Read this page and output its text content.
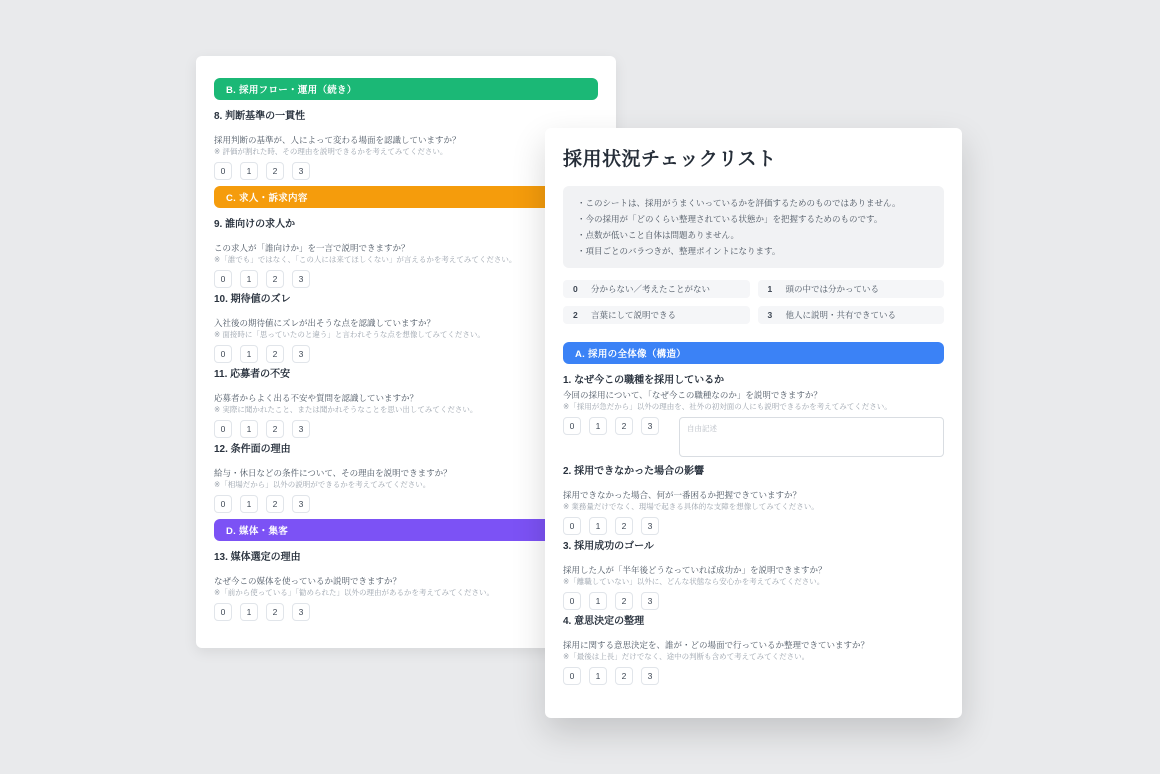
B. 採用フロー・運用（続き）
8. 判断基準の一貫性
採用判断の基準が、人によって変わる場面を認識していますか？
※ 評価が割れた時、その理由を説明できるかを考えてみてください。
0	1	2	3
C. 求人・訴求内容
9. 誰向けの求人か
この求人が「誰向けか」を一言で説明できますか？
※「誰でも」ではなく、「この人には来てほしくない」が言えるかを考えてみてください。
0	1	2	3
10. 期待値のズレ
入社後の期待値にズレが出そうな点を認識していますか？
※ 面接時に「思っていたのと違う」と言われそうな点を想像してみてください。
0	1	2	3
11. 応募者の不安
応募者からよく出る不安や質問を認識していますか？
※ 実際に聞かれたこと、または聞かれそうなことを思い出してみてください。
0	1	2	3
12. 条件面の理由
給与・休日などの条件について、その理由を説明できますか？
※「相場だから」以外の説明ができるかを考えてみてください。
0	1	2	3
D. 媒体・集客
13. 媒体選定の理由
なぜ今この媒体を使っているか説明できますか？
※「前から使っている」「勧められた」以外の理由があるかを考えてみてください。
0	1	2	3
採用状況チェックリスト
・このシートは、採用がうまくいっているかを評価するためのものではありません。
・今の採用が「どのくらい整理されている状態か」を把握するためのものです。
・点数が低いこと自体は問題ありません。
・項目ごとのバラつきが、整理ポイントになります。
0	分からない／考えたことがない	1	頭の中では分かっている
2	言葉にして説明できる	3	他人に説明・共有できている
A. 採用の全体像（構造）
1. なぜ今この職種を採用しているか
今回の採用について、「なぜ今この職種なのか」を説明できますか？
※「採用が急だから」以外の理由を、社外の初対面の人にも説明できるかを考えてみてください。
0	1	2	3
自由記述
2. 採用できなかった場合の影響
採用できなかった場合、何が一番困るか把握できていますか？
※ 業務量だけでなく、現場で起きる具体的な支障を想像してみてください。
0	1	2	3
3. 採用成功のゴール
採用した人が「半年後どうなっていれば成功か」を説明できますか？
※「離職していない」以外に、どんな状態なら安心かを考えてみてください。
0	1	2	3
4. 意思決定の整理
採用に関する意思決定を、誰が・どの場面で行っているか整理できていますか？
※「最後は上長」だけでなく、途中の判断も含めて考えてみてください。
0	1	2	3
